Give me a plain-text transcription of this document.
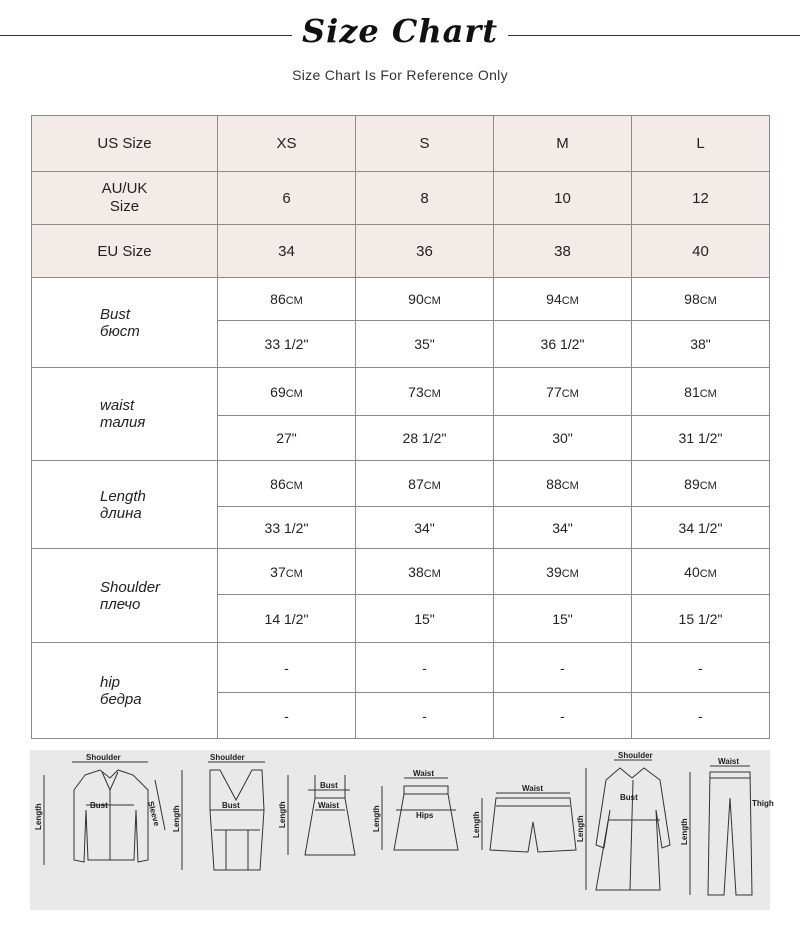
Size Chart
Size Chart Is For Reference Only
US Size	XS	S	M	L
AU/UK Size	6	8	10	12
EU Size	34	36	38	40

Bust
бюст	86CM	90CM	94CM	98CM
	33 1/2"	35"	36 1/2"	38"

waist
талия	69CM	73CM	77CM	81CM
	27"	28 1/2"	30"	31 1/2"

Length
длина	86CM	87CM	88CM	89CM
	33 1/2"	34"	34"	34 1/2"

Shoulder
плечо	37CM	38CM	39CM	40CM
	14 1/2"	15"	15"	15 1/2"

hip
бедра	-	-	-	-
	-	-	-	-
Shoulder
Bust	Sleeve
Length
Shoulder
Bust
Length
Bust
Waist
Length
Waist
Hips
Length
Waist
Length
Shoulder
Bust
Length
Waist
Thigh
Length
